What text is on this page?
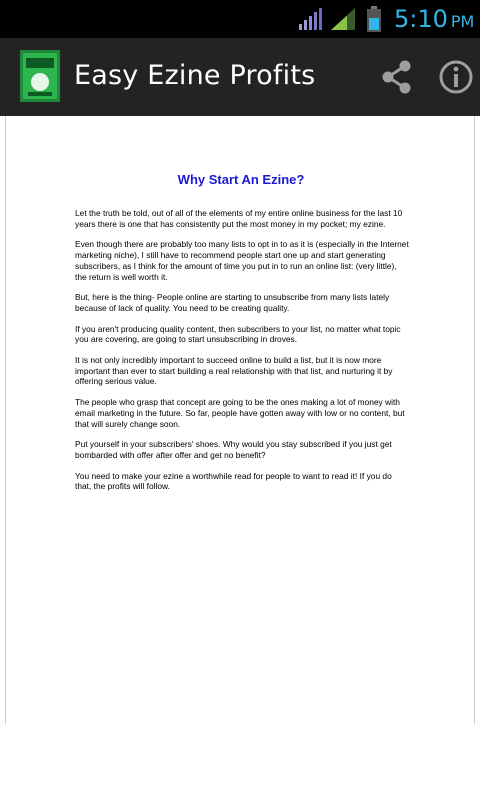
5:10 PM
Easy Ezine Profits
Why Start An Ezine?

Let the truth be told, out of all of the elements of my entire online business for the last 10 years there is one that has consistently put the most money in my pocket; my ezine.

Even though there are probably too many lists to opt in to as it is (especially in the Internet marketing niche), I still have to recommend people start one up and start generating subscribers, as I think for the amount of time you put in to run an online list: (very little), the return is well worth it.

But, here is the thing- People online are starting to unsubscribe from many lists lately because of lack of quality. You need to be creating quality.

If you aren't producing quality content, then subscribers to your list, no matter what topic you are covering, are going to start unsubscribing in droves.

It is not only incredibly important to succeed online to build a list, but it is now more important than ever to start building a real relationship with that list, and nurturing it by offering serious value.

The people who grasp that concept are going to be the ones making a lot of money with email marketing in the future. So far, people have gotten away with low or no content, but that will surely change soon.

Put yourself in your subscribers' shoes. Why would you stay subscribed if you just get bombarded with offer after offer and get no benefit?

You need to make your ezine a worthwhile read for people to want to read it! If you do that, the profits will follow.
